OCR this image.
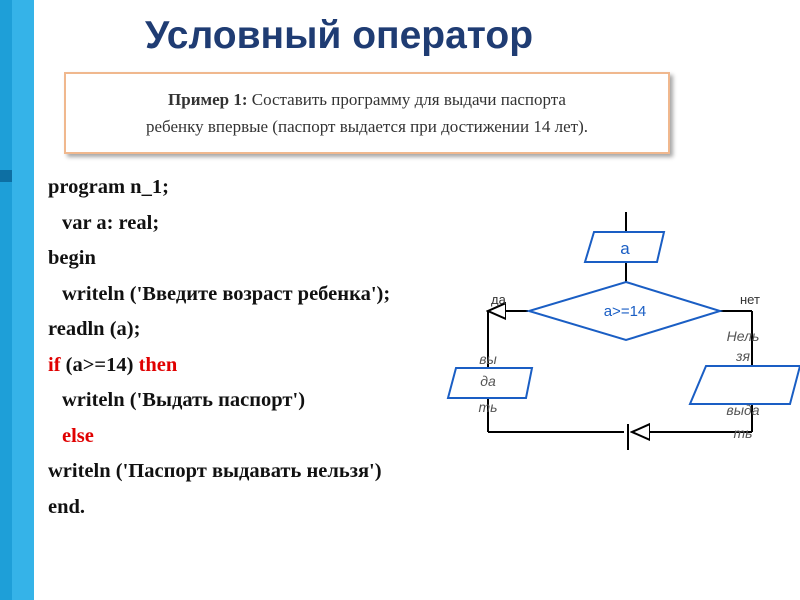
Условный оператор
Пример 1: Составить программу для выдачи паспорта
ребенку впервые (паспорт выдается при достижении 14 лет).
program n_1;
var a: real;
begin
writeln ('Введите возраст ребенка');
readln (a);
if (a>=14) then
writeln ('Выдать паспорт')
else
writeln ('Паспорт выдавать нельзя')
end.
a
a>=14
да	нет
вы
да
ть
Нель
зя
выда
ть
